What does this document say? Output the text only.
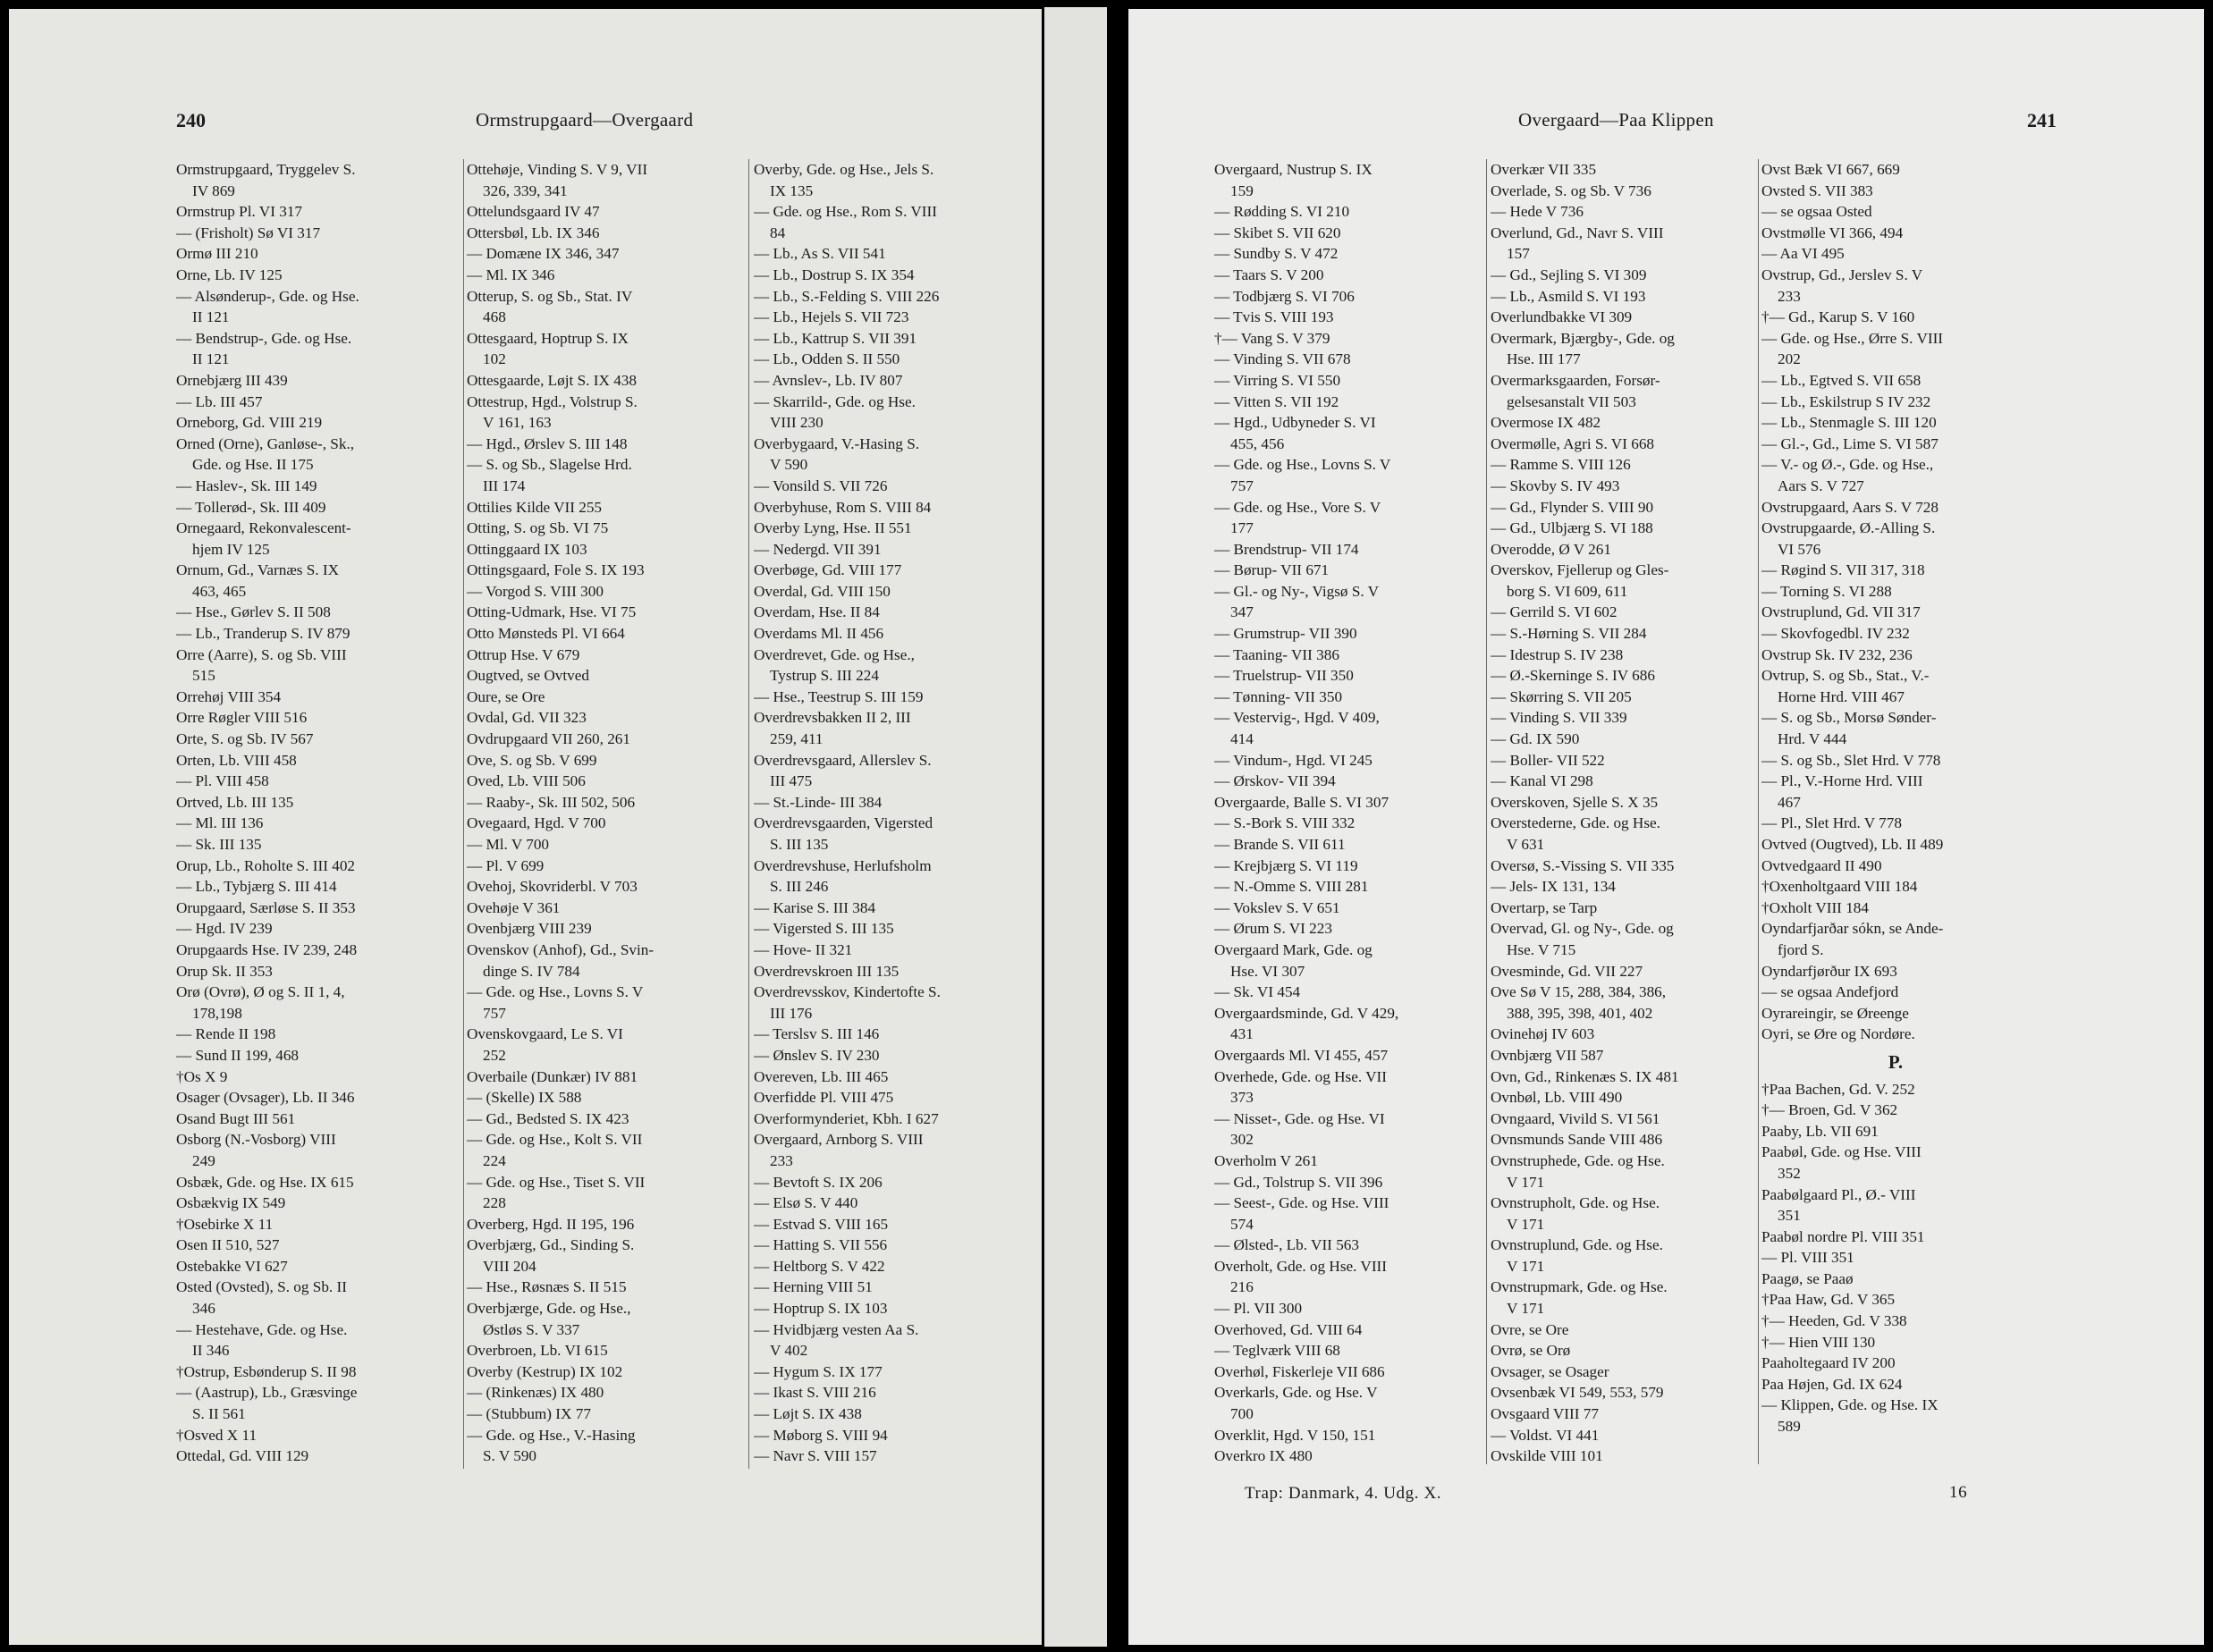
240	Ormstrupgaard—Overgaard
Ormstrupgaard, Tryggelev S.
IV 869
Ormstrup Pl. VI 317
— (Frisholt) Sø VI 317
Ormø III 210
Orne, Lb. IV 125
— Alsønderup-, Gde. og Hse.
II 121
— Bendstrup-, Gde. og Hse.
II 121
Ornebjærg III 439
— Lb. III 457
Orneborg, Gd. VIII 219
Orned (Orne), Ganløse-, Sk.,
Gde. og Hse. II 175
— Haslev-, Sk. III 149
— Tollerød-, Sk. III 409
Ornegaard, Rekonvalescent-
hjem IV 125
Ornum, Gd., Varnæs S. IX
463, 465
— Hse., Gørlev S. II 508
— Lb., Tranderup S. IV 879
Orre (Aarre), S. og Sb. VIII
515
Orrehøj VIII 354
Orre Røgler VIII 516
Orte, S. og Sb. IV 567
Orten, Lb. VIII 458
— Pl. VIII 458
Ortved, Lb. III 135
— Ml. III 136
— Sk. III 135
Orup, Lb., Roholte S. III 402
— Lb., Tybjærg S. III 414
Orupgaard, Særløse S. II 353
— Hgd. IV 239
Orupgaards Hse. IV 239, 248
Orup Sk. II 353
Orø (Ovrø), Ø og S. II 1, 4,
178,198
— Rende II 198
— Sund II 199, 468
†Os X 9
Osager (Ovsager), Lb. II 346
Osand Bugt III 561
Osborg (N.-Vosborg) VIII
249
Osbæk, Gde. og Hse. IX 615
Osbækvig IX 549
†Osebirke X 11
Osen II 510, 527
Ostebakke VI 627
Osted (Ovsted), S. og Sb. II
346
— Hestehave, Gde. og Hse.
II 346
†Ostrup, Esbønderup S. II 98
— (Aastrup), Lb., Græsvinge
S. II 561
†Osved X 11
Ottedal, Gd. VIII 129
Ottehøje, Vinding S. V 9, VII
326, 339, 341
Ottelundsgaard IV 47
Ottersbøl, Lb. IX 346
— Domæne IX 346, 347
— Ml. IX 346
Otterup, S. og Sb., Stat. IV
468
Ottesgaard, Hoptrup S. IX
102
Ottesgaarde, Løjt S. IX 438
Ottestrup, Hgd., Volstrup S.
V 161, 163
— Hgd., Ørslev S. III 148
— S. og Sb., Slagelse Hrd.
III 174
Ottilies Kilde VII 255
Otting, S. og Sb. VI 75
Ottinggaard IX 103
Ottingsgaard, Fole S. IX 193
— Vorgod S. VIII 300
Otting-Udmark, Hse. VI 75
Otto Mønsteds Pl. VI 664
Ottrup Hse. V 679
Ougtved, se Ovtved
Oure, se Ore
Ovdal, Gd. VII 323
Ovdrupgaard VII 260, 261
Ove, S. og Sb. V 699
Oved, Lb. VIII 506
— Raaby-, Sk. III 502, 506
Ovegaard, Hgd. V 700
— Ml. V 700
— Pl. V 699
Ovehoj, Skovriderbl. V 703
Ovehøje V 361
Ovenbjærg VIII 239
Ovenskov (Anhof), Gd., Svin-
dinge S. IV 784
— Gde. og Hse., Lovns S. V
757
Ovenskovgaard, Le S. VI
252
Overbaile (Dunkær) IV 881
— (Skelle) IX 588
— Gd., Bedsted S. IX 423
— Gde. og Hse., Kolt S. VII
224
— Gde. og Hse., Tiset S. VII
228
Overberg, Hgd. II 195, 196
Overbjærg, Gd., Sinding S.
VIII 204
— Hse., Røsnæs S. II 515
Overbjærge, Gde. og Hse.,
Østløs S. V 337
Overbroen, Lb. VI 615
Overby (Kestrup) IX 102
— (Rinkenæs) IX 480
— (Stubbum) IX 77
— Gde. og Hse., V.-Hasing
S. V 590
Overby, Gde. og Hse., Jels S.
IX 135
— Gde. og Hse., Rom S. VIII
84
— Lb., As S. VII 541
— Lb., Dostrup S. IX 354
— Lb., S.-Felding S. VIII 226
— Lb., Hejels S. VII 723
— Lb., Kattrup S. VII 391
— Lb., Odden S. II 550
— Avnslev-, Lb. IV 807
— Skarrild-, Gde. og Hse.
VIII 230
Overbygaard, V.-Hasing S.
V 590
— Vonsild S. VII 726
Overbyhuse, Rom S. VIII 84
Overby Lyng, Hse. II 551
— Nedergd. VII 391
Overbøge, Gd. VIII 177
Overdal, Gd. VIII 150
Overdam, Hse. II 84
Overdams Ml. II 456
Overdrevet, Gde. og Hse.,
Tystrup S. III 224
— Hse., Teestrup S. III 159
Overdrevsbakken II 2, III
259, 411
Overdrevsgaard, Allerslev S.
III 475
— St.-Linde- III 384
Overdrevsgaarden, Vigersted
S. III 135
Overdrevshuse, Herlufsholm
S. III 246
— Karise S. III 384
— Vigersted S. III 135
— Hove- II 321
Overdrevskroen III 135
Overdrevsskov, Kindertofte S.
III 176
— Terslsv S. III 146
— Ønslev S. IV 230
Overeven, Lb. III 465
Overfidde Pl. VIII 475
Overformynderiet, Kbh. I 627
Overgaard, Arnborg S. VIII
233
— Bevtoft S. IX 206
— Elsø S. V 440
— Estvad S. VIII 165
— Hatting S. VII 556
— Heltborg S. V 422
— Herning VIII 51
— Hoptrup S. IX 103
— Hvidbjærg vesten Aa S.
V 402
— Hygum S. IX 177
— Ikast S. VIII 216
— Løjt S. IX 438
— Møborg S. VIII 94
— Navr S. VIII 157
Overgaard—Paa Klippen	241
Overgaard, Nustrup S. IX
159
— Rødding S. VI 210
— Skibet S. VII 620
— Sundby S. V 472
— Taars S. V 200
— Todbjærg S. VI 706
— Tvis S. VIII 193
†— Vang S. V 379
— Vinding S. VII 678
— Virring S. VI 550
— Vitten S. VII 192
— Hgd., Udbyneder S. VI
455, 456
— Gde. og Hse., Lovns S. V
757
— Gde. og Hse., Vore S. V
177
— Brendstrup- VII 174
— Børup- VII 671
— Gl.- og Ny-, Vigsø S. V
347
— Grumstrup- VII 390
— Taaning- VII 386
— Truelstrup- VII 350
— Tønning- VII 350
— Vestervig-, Hgd. V 409,
414
— Vindum-, Hgd. VI 245
— Ørskov- VII 394
Overgaarde, Balle S. VI 307
— S.-Bork S. VIII 332
— Brande S. VII 611
— Krejbjærg S. VI 119
— N.-Omme S. VIII 281
— Vokslev S. V 651
— Ørum S. VI 223
Overgaard Mark, Gde. og
Hse. VI 307
— Sk. VI 454
Overgaardsminde, Gd. V 429,
431
Overgaards Ml. VI 455, 457
Overhede, Gde. og Hse. VII
373
— Nisset-, Gde. og Hse. VI
302
Overholm V 261
— Gd., Tolstrup S. VII 396
— Seest-, Gde. og Hse. VIII
574
— Ølsted-, Lb. VII 563
Overholt, Gde. og Hse. VIII
216
— Pl. VII 300
Overhoved, Gd. VIII 64
— Teglværk VIII 68
Overhøl, Fiskerleje VII 686
Overkarls, Gde. og Hse. V
700
Overklit, Hgd. V 150, 151
Overkro IX 480
Overkær VII 335
Overlade, S. og Sb. V 736
— Hede V 736
Overlund, Gd., Navr S. VIII
157
— Gd., Sejling S. VI 309
— Lb., Asmild S. VI 193
Overlundbakke VI 309
Overmark, Bjærgby-, Gde. og
Hse. III 177
Overmarksgaarden, Forsør-
gelsesanstalt VII 503
Overmose IX 482
Overmølle, Agri S. VI 668
— Ramme S. VIII 126
— Skovby S. IV 493
— Gd., Flynder S. VIII 90
— Gd., Ulbjærg S. VI 188
Overodde, Ø V 261
Overskov, Fjellerup og Gles-
borg S. VI 609, 611
— Gerrild S. VI 602
— S.-Hørning S. VII 284
— Idestrup S. IV 238
— Ø.-Skerninge S. IV 686
— Skørring S. VII 205
— Vinding S. VII 339
— Gd. IX 590
— Boller- VII 522
— Kanal VI 298
Overskoven, Sjelle S. X 35
Overstederne, Gde. og Hse.
V 631
Oversø, S.-Vissing S. VII 335
— Jels- IX 131, 134
Overtarp, se Tarp
Overvad, Gl. og Ny-, Gde. og
Hse. V 715
Ovesminde, Gd. VII 227
Ove Sø V 15, 288, 384, 386,
388, 395, 398, 401, 402
Ovinehøj IV 603
Ovnbjærg VII 587
Ovn, Gd., Rinkenæs S. IX 481
Ovnbøl, Lb. VIII 490
Ovngaard, Vivild S. VI 561
Ovnsmunds Sande VIII 486
Ovnstruphede, Gde. og Hse.
V 171
Ovnstrupholt, Gde. og Hse.
V 171
Ovnstruplund, Gde. og Hse.
V 171
Ovnstrupmark, Gde. og Hse.
V 171
Ovre, se Ore
Ovrø, se Orø
Ovsager, se Osager
Ovsenbæk VI 549, 553, 579
Ovsgaard VIII 77
— Voldst. VI 441
Ovskilde VIII 101
Ovst Bæk VI 667, 669
Ovsted S. VII 383
— se ogsaa Osted
Ovstmølle VI 366, 494
— Aa VI 495
Ovstrup, Gd., Jerslev S. V
233
†— Gd., Karup S. V 160
— Gde. og Hse., Ørre S. VIII
202
— Lb., Egtved S. VII 658
— Lb., Eskilstrup S IV 232
— Lb., Stenmagle S. III 120
— Gl.-, Gd., Lime S. VI 587
— V.- og Ø.-, Gde. og Hse.,
Aars S. V 727
Ovstrupgaard, Aars S. V 728
Ovstrupgaarde, Ø.-Alling S.
VI 576
— Røgind S. VII 317, 318
— Torning S. VI 288
Ovstruplund, Gd. VII 317
— Skovfogedbl. IV 232
Ovstrup Sk. IV 232, 236
Ovtrup, S. og Sb., Stat., V.-
Horne Hrd. VIII 467
— S. og Sb., Morsø Sønder-
Hrd. V 444
— S. og Sb., Slet Hrd. V 778
— Pl., V.-Horne Hrd. VIII
467
— Pl., Slet Hrd. V 778
Ovtved (Ougtved), Lb. II 489
Ovtvedgaard II 490
†Oxenholtgaard VIII 184
†Oxholt VIII 184
Oyndarfjarðar sókn, se Ande-
fjord S.
Oyndarfjørður IX 693
— se ogsaa Andefjord
Oyrareingir, se Øreenge
Oyri, se Øre og Nordøre.
P.
†Paa Bachen, Gd. V. 252
†— Broen, Gd. V 362
Paaby, Lb. VII 691
Paabøl, Gde. og Hse. VIII
352
Paabølgaard Pl., Ø.- VIII
351
Paabøl nordre Pl. VIII 351
— Pl. VIII 351
Paagø, se Paaø
†Paa Haw, Gd. V 365
†— Heeden, Gd. V 338
†— Hien VIII 130
Paaholtegaard IV 200
Paa Højen, Gd. IX 624
— Klippen, Gde. og Hse. IX
589
Trap: Danmark, 4. Udg. X.	16
